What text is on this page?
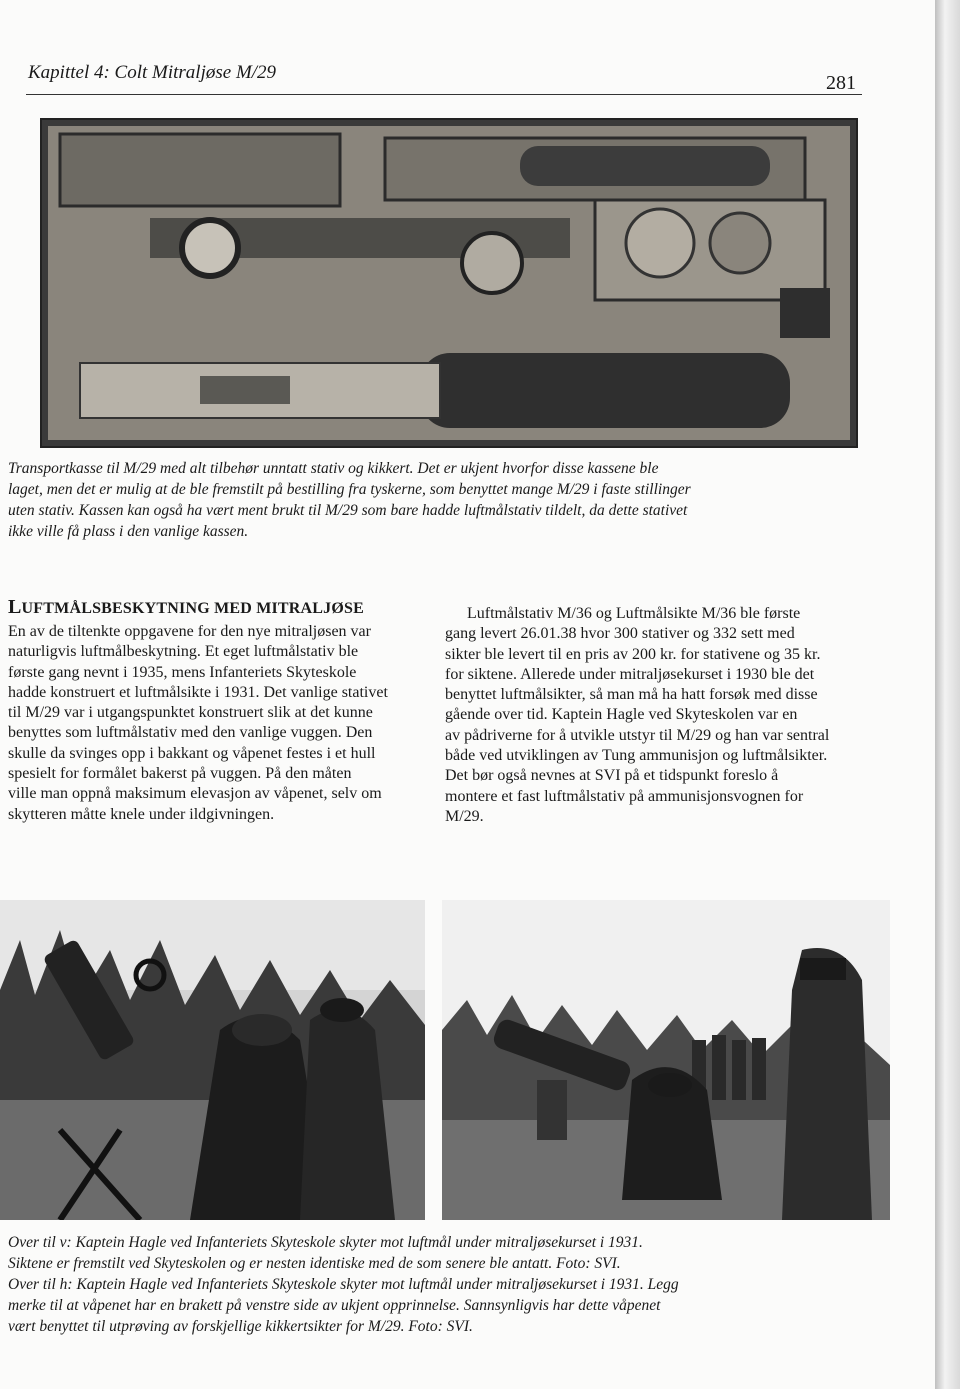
Kapittel 4: Colt Mitraljøse M/29	281
Transportkasse til M/29 med alt tilbehør unntatt stativ og kikkert. Det er ukjent hvorfor disse kassene ble
laget, men det er mulig at de ble fremstilt på bestilling fra tyskerne, som benyttet mange M/29 i faste stillinger
uten stativ. Kassen kan også ha vært ment brukt til M/29 som bare hadde luftmålstativ tildelt, da dette stativet
ikke ville få plass i den vanlige kassen.
LUFTMÅLSBESKYTNING MED MITRALJØSE
En av de tiltenkte oppgavene for den nye mitraljøsen var
naturligvis luftmålbeskytning. Et eget luftmålstativ ble
første gang nevnt i 1935, mens Infanteriets Skyteskole
hadde konstruert et luftmålsikte i 1931. Det vanlige stativet
til M/29 var i utgangspunktet konstruert slik at det kunne
benyttes som luftmålstativ med den vanlige vuggen. Den
skulle da svinges opp i bakkant og våpenet festes i et hull
spesielt for formålet bakerst på vuggen. På den måten
ville man oppnå maksimum elevasjon av våpenet, selv om
skytteren måtte knele under ildgivningen.
Luftmålstativ M/36 og Luftmålsikte M/36 ble første
gang levert 26.01.38 hvor 300 stativer og 332 sett med
sikter ble levert til en pris av 200 kr. for stativene og 35 kr.
for siktene. Allerede under mitraljøsekurset i 1930 ble det
benyttet luftmålsikter, så man må ha hatt forsøk med disse
gående over tid. Kaptein Hagle ved Skyteskolen var en
av pådriverne for å utvikle utstyr til M/29 og han var sentral
både ved utviklingen av Tung ammunisjon og luftmålsikter.
Det bør også nevnes at SVI på et tidspunkt foreslo å
montere et fast luftmålstativ på ammunisjonsvognen for
M/29.
Over til v: Kaptein Hagle ved Infanteriets Skyteskole skyter mot luftmål under mitraljøsekurset i 1931.
Siktene er fremstilt ved Skyteskolen og er nesten identiske med de som senere ble antatt. Foto: SVI.
Over til h: Kaptein Hagle ved Infanteriets Skyteskole skyter mot luftmål under mitraljøsekurset i 1931. Legg
merke til at våpenet har en brakett på venstre side av ukjent opprinnelse. Sannsynligvis har dette våpenet
vært benyttet til utprøving av forskjellige kikkertsikter for M/29. Foto: SVI.
